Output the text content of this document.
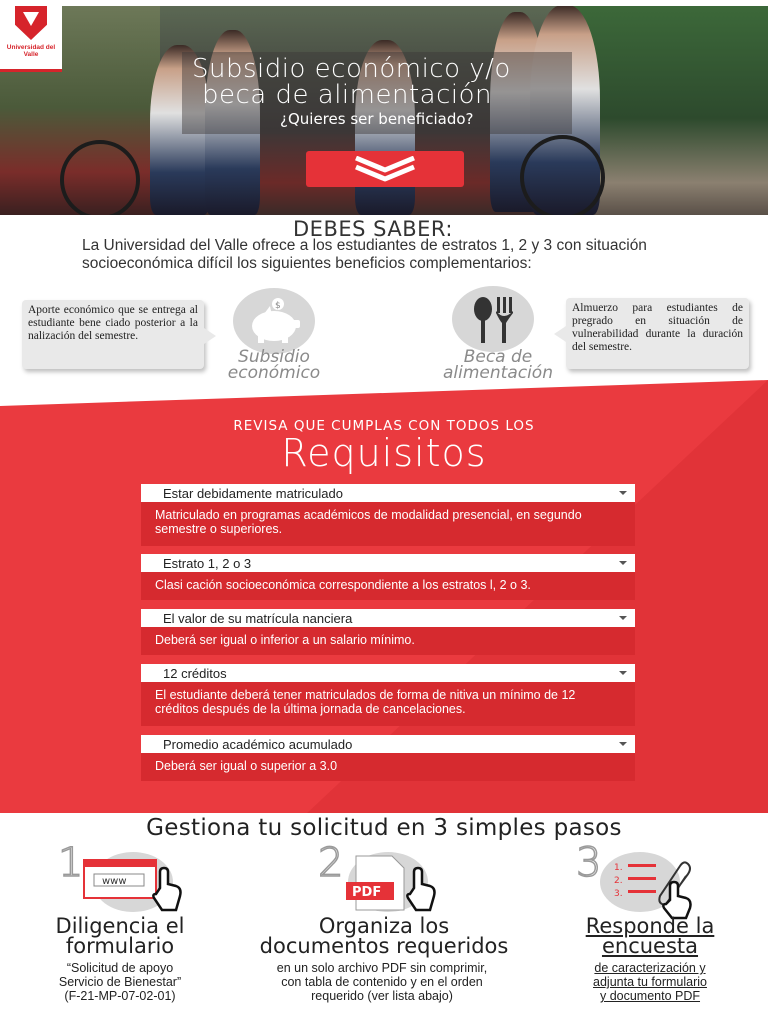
Universidad del Valle	Subsidio económico y/o
beca de alimentación
¿Quieres ser beneficiado?
DEBES SABER:
La Universidad del Valle ofrece a los estudiantes de estratos 1, 2 y 3 con situación socioeconómica difícil los siguientes beneficios complementarios:
Aporte económico que se entrega al estudiante bene ciado posterior a la nalización del semestre.
$
Subsidio
económico
Beca de
alimentación
Almuerzo para estudiantes de pregrado en situación de vulnerabilidad durante la duración del semestre.
REVISA QUE CUMPLAS CON TODOS LOS
Requisitos
Estar debidamente matriculado
Matriculado en programas académicos de modalidad presencial, en segundo semestre o superiores.
Estrato 1, 2 o 3
Clasi cación socioeconómica correspondiente a los estratos l, 2 o 3.
El valor de su matrícula nanciera
Deberá ser igual o inferior a un salario mínimo.
12 créditos
El estudiante deberá tener matriculados de forma de nitiva un mínimo de 12 créditos después de la última jornada de cancelaciones.
Promedio académico acumulado
Deberá ser igual o superior a 3.0
Gestiona tu solicitud en 3 simples pasos
1 www
Diligencia el
formulario
“Solicitud de apoyo
Servicio de Bienestar”
(F-21-MP-07-02-01)
2
PDF
Organiza los
documentos requeridos
en un solo archivo PDF sin comprimir,
con tabla de contenido y en el orden
requerido (ver lista abajo)
3 1.
2.
3.
Responde la
encuesta
de caracterización y
adjunta tu formulario
y documento PDF
